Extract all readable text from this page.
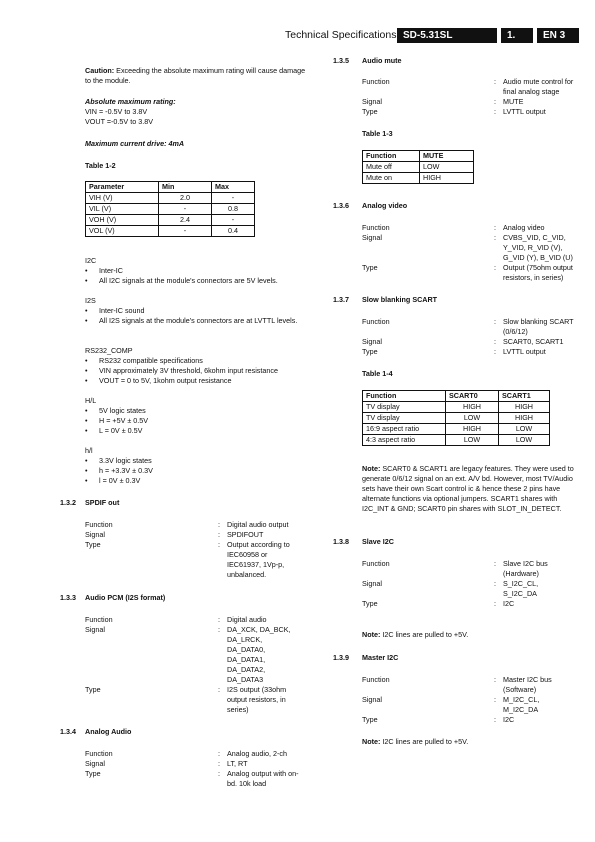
Technical Specifications SD-5.31SL	1.	EN 3
Caution: Exceeding the absolute maximum rating will cause damage to the module.
Absolute maximum rating:
VIN = -0.5V to 3.8V
VOUT =-0.5V to 3.8V
Maximum current drive: 4mA
Table 1-2
Parameter	Min	Max
VIH (V)	2.0	-
VIL (V)	-	0.8
VOH (V)	2.4	-
VOL (V)	-	0.4
I2C
• Inter-IC
• All I2C signals at the module's connectors are 5V levels.
I2S
• Inter-IC sound
• All I2S signals at the module's connectors are at LVTTL levels.
RS232_COMP
• RS232 compatible specifications
• VIN approximately 3V threshold, 6kohm input resistance
• VOUT = 0 to 5V, 1kohm output resistance
H/L
• 5V logic states
• H = +5V ± 0.5V
• L = 0V ± 0.5V
h/l
• 3.3V logic states
• h = +3.3V ± 0.3V
• l = 0V ± 0.3V
1.3.2 SPDIF out
Function	: Digital audio output
Signal	: SPDIFOUT
Type	: Output according to
IEC60958 or
IEC61937, 1Vp-p,
unbalanced.
1.3.3 Audio PCM (I2S format)
Function	: Digital audio
Signal	: DA_XCK, DA_BCK,
DA_LRCK,
DA_DATA0,
DA_DATA1,
DA_DATA2,
DA_DATA3
Type	: I2S output (33ohm
output resistors, in
series)
1.3.4 Analog Audio
Function	: Analog audio, 2-ch
Signal	: LT, RT
Type	: Analog output with on-
bd. 10k load
1.3.5 Audio mute
Function	: Audio mute control for
final analog stage
Signal	: MUTE
Type	: LVTTL output
Table 1-3
Function	MUTE
Mute off	LOW
Mute on	HIGH
1.3.6 Analog video
Function	: Analog video
Signal	: CVBS_VID, C_VID,
Y_VID, R_VID (V),
G_VID (Y), B_VID (U)
Type	: Output (75ohm output
resistors, in series)
1.3.7 Slow blanking SCART
Function	: Slow blanking SCART
(0/6/12)
Signal	: SCART0, SCART1
Type	: LVTTL output
Table 1-4
Function	SCART0	SCART1
TV display	HIGH	HIGH
TV display	LOW	HIGH
16:9 aspect ratio	HIGH	LOW
4:3 aspect ratio	LOW	LOW
Note: SCART0 & SCART1 are legacy features. They were used to generate 0/6/12 signal on an ext. A/V bd. However, most TV/Audio sets have their own Scart control ic & hence these 2 pins have alternate functions via optional jumpers. SCART1 shares with I2C_INT & GND; SCART0 pin shares with SLOT_IN_DETECT.
1.3.8 Slave I2C
Function	: Slave I2C bus
(Hardware)
Signal	: S_I2C_CL,
S_I2C_DA
Type	: I2C
Note: I2C lines are pulled to +5V.
1.3.9 Master I2C
Function	: Master I2C bus
(Software)
Signal	: M_I2C_CL,
M_I2C_DA
Type	: I2C
Note: I2C lines are pulled to +5V.
